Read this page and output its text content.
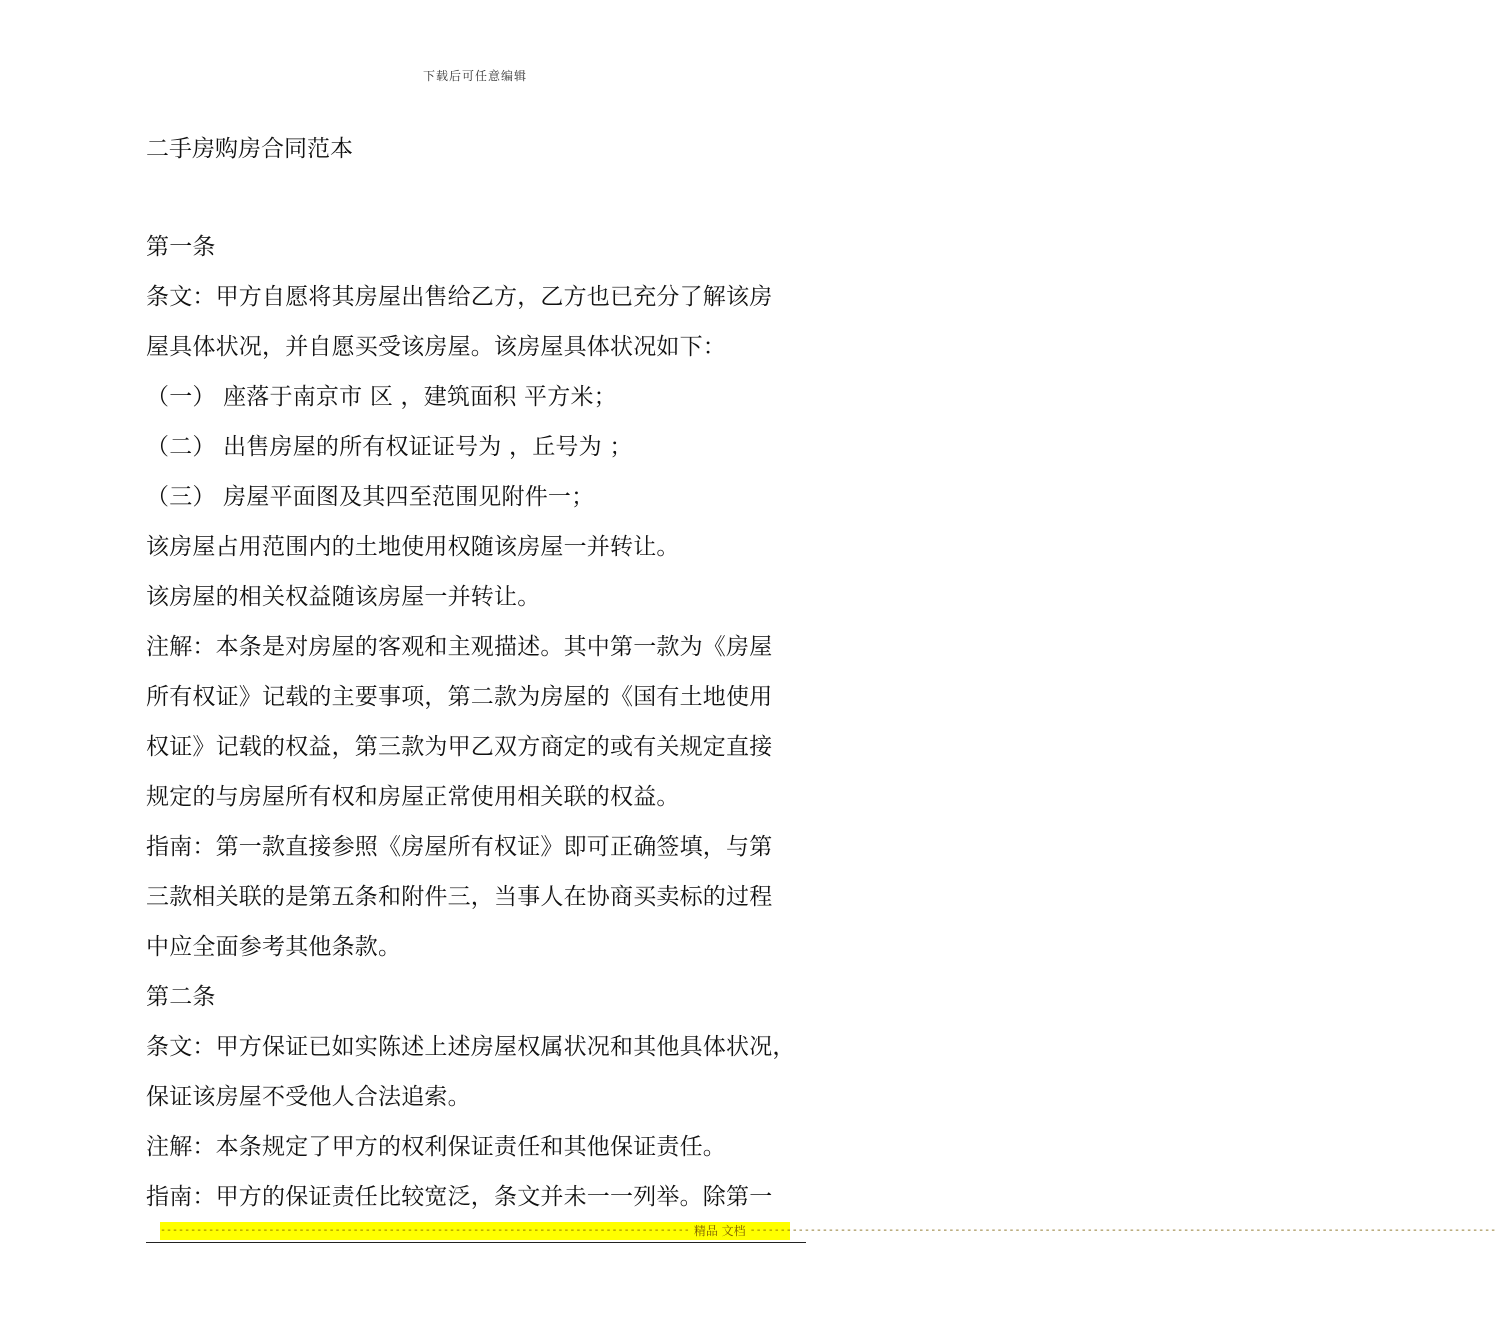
下载后可任意编辑
二手房购房合同范本
第一条
条文：甲方自愿将其房屋出售给乙方，乙方也已充分了解该房
屋具体状况，并自愿买受该房屋。该房屋具体状况如下：
（一） 座落于南京市 区 ，建筑面积 平方米；
（二） 出售房屋的所有权证证号为 ，丘号为 ；
（三） 房屋平面图及其四至范围见附件一；
该房屋占用范围内的土地使用权随该房屋一并转让。
该房屋的相关权益随该房屋一并转让。
注解：本条是对房屋的客观和主观描述。其中第一款为《房屋
所有权证》记载的主要事项，第二款为房屋的《国有土地使用
权证》记载的权益，第三款为甲乙双方商定的或有关规定直接
规定的与房屋所有权和房屋正常使用相关联的权益。
指南：第一款直接参照《房屋所有权证》即可正确签填，与第
三款相关联的是第五条和附件三，当事人在协商买卖标的过程
中应全面参考其他条款。
第二条
条文：甲方保证已如实陈述上述房屋权属状况和其他具体状况，
保证该房屋不受他人合法追索。
注解：本条规定了甲方的权利保证责任和其他保证责任。
指南：甲方的保证责任比较宽泛，条文并未一一列举。除第一
---------------------------------------------------------------------------------------- 精品 文档 ----------------------------------------------------------------------------------------------------------------------------
